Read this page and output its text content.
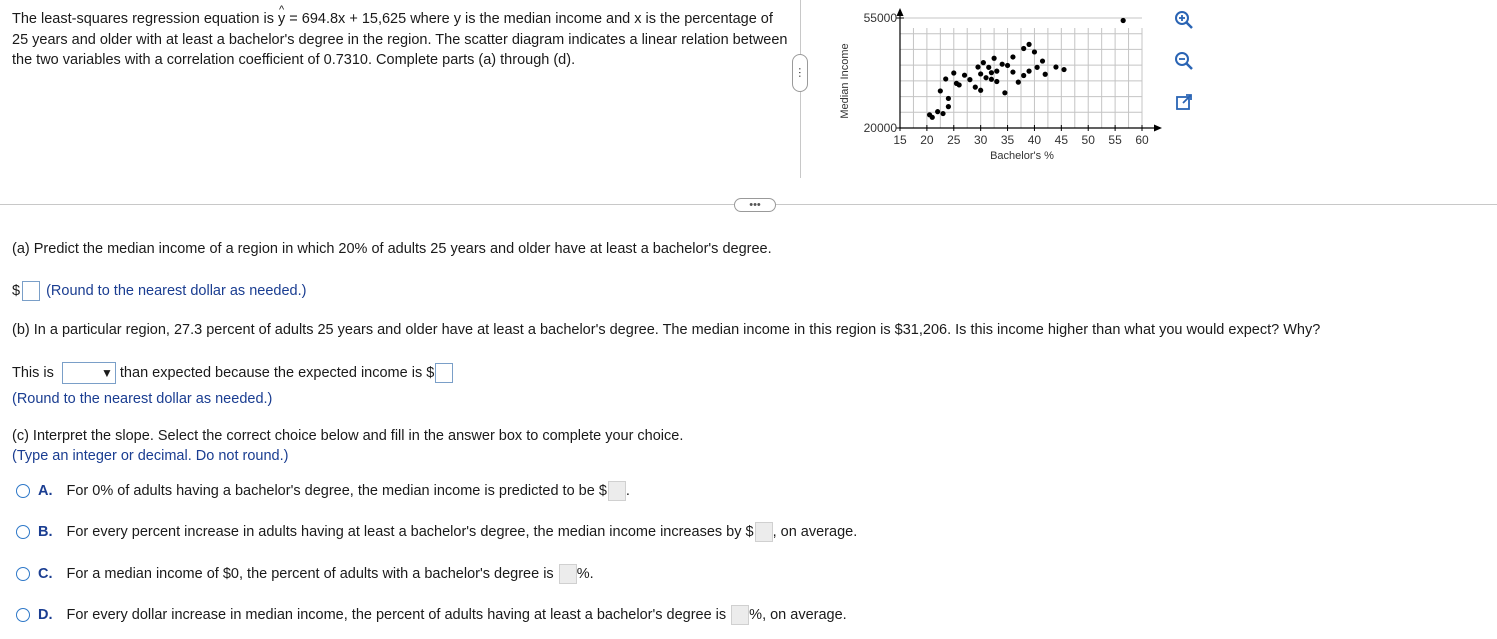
The least-squares regression equation is ^ y = 694.8x + 15,625 where y is the median income and x is the percentage of 25 years and older with at least a bachelor's degree in the region. The scatter diagram indicates a linear relation between the two variables with a correlation coefficient of 0.7310. Complete parts (a) through (d).
⋯
15 20 25 30 35 40 45 50 55 60
20000
55000
Bachelor's %
Median Income
•••
(a) Predict the median income of a region in which 20% of adults 25 years and older have at least a bachelor's degree.
$ (Round to the nearest dollar as needed.)
(b) In a particular region, 27.3 percent of adults 25 years and older have at least a bachelor's degree. The median income in this region is $31,206. Is this income higher than what you would expect? Why?
This is	▼ than expected because the expected income is $
(Round to the nearest dollar as needed.)
(c) Interpret the slope. Select the correct choice below and fill in the answer box to complete your choice.
(Type an integer or decimal. Do not round.)
A. For 0% of adults having a bachelor's degree, the median income is predicted to be $ .
B. For every percent increase in adults having at least a bachelor's degree, the median income increases by $ , on average.
C. For a median income of $0, the percent of adults with a bachelor's degree is %.
D. For every dollar increase in median income, the percent of adults having at least a bachelor's degree is %, on average.
